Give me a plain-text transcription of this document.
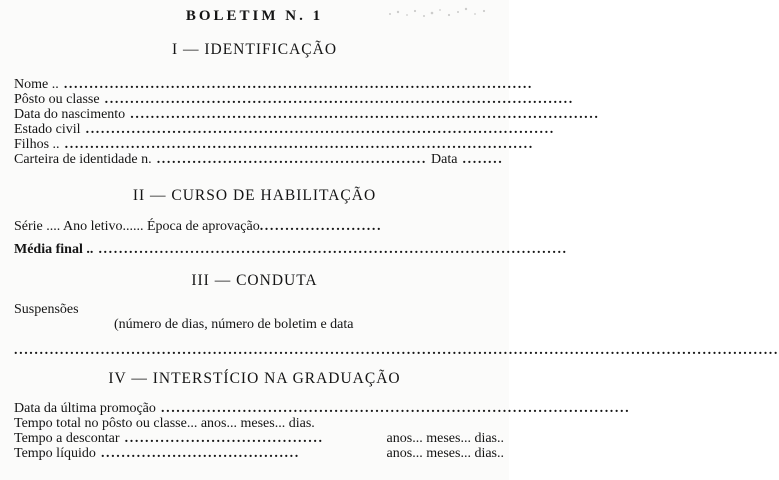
BOLETIM N. 1
I — IDENTIFICAÇÃO
Nome .. ............................................................................................
Pôsto ou classe ............................................................................................
Data do nascimento ............................................................................................
Estado civil ............................................................................................
Filhos .. ............................................................................................
Carteira de identidade n. ..................................................... Data ........
II — CURSO DE HABILITAÇÃO
Série .... Ano letivo...... Época de aprovação ........................
Média final .. ............................................................................................
III — CONDUTA
Suspensões
(número de dias, número de boletim e data
......................................................................................................................................................
IV — INTERSTÍCIO NA GRADUAÇÃO
Data da última promoção ............................................................................................
Tempo total no pôsto ou classe ... anos ... meses ... dias .
Tempo a descontar .......................................	anos ... meses ... dias ..
Tempo líquido .......................................	anos ... meses ... dias ..
